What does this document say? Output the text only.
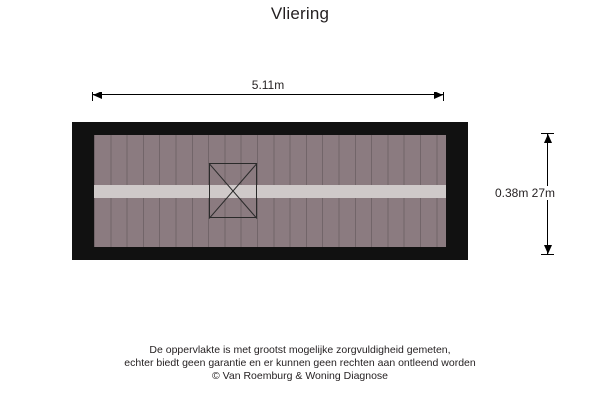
Vliering
5.11m
0.38m 27m
De oppervlakte is met grootst mogelijke zorgvuldigheid gemeten,
echter biedt geen garantie en er kunnen geen rechten aan ontleend worden
© Van Roemburg & Woning Diagnose
